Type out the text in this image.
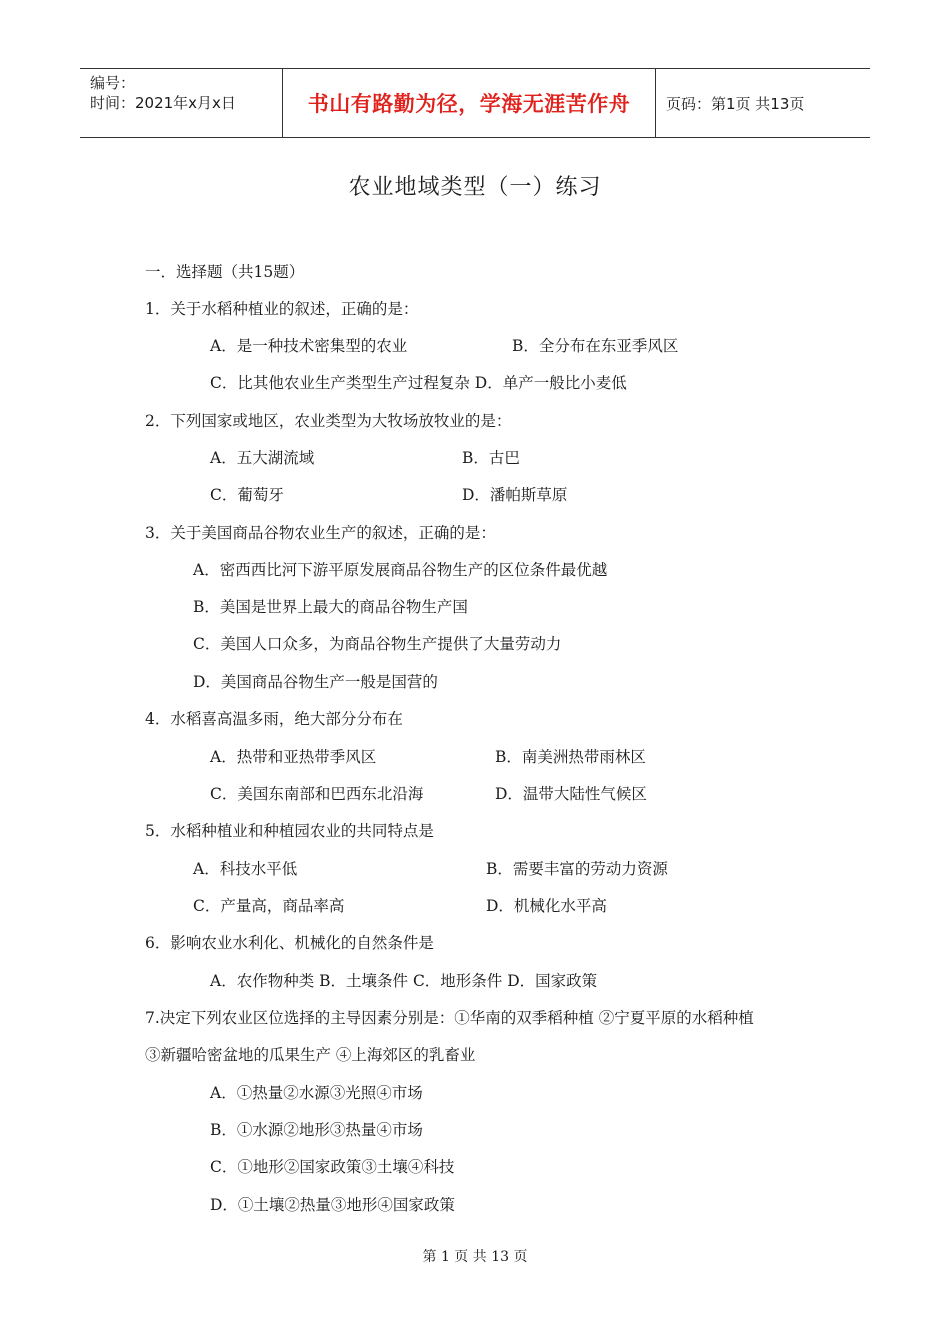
编号：
时间：2021年x月x日	书山有路勤为径，学海无涯苦作舟	页码：第1页 共13页
农业地域类型（一）练习
一．选择题（共15题）
1．关于水稻种植业的叙述，正确的是：
A．是一种技术密集型的农业	B．全分布在东亚季风区
C．比其他农业生产类型生产过程复杂 D．单产一般比小麦低
2．下列国家或地区，农业类型为大牧场放牧业的是：
A．五大湖流域	B．古巴
C．葡萄牙	D．潘帕斯草原
3．关于美国商品谷物农业生产的叙述，正确的是：
A．密西西比河下游平原发展商品谷物生产的区位条件最优越
B．美国是世界上最大的商品谷物生产国
C．美国人口众多，为商品谷物生产提供了大量劳动力
D．美国商品谷物生产一般是国营的
4．水稻喜高温多雨，绝大部分分布在
A．热带和亚热带季风区	B．南美洲热带雨林区
C．美国东南部和巴西东北沿海	D．温带大陆性气候区
5．水稻种植业和种植园农业的共同特点是
A．科技水平低	B．需要丰富的劳动力资源
C．产量高，商品率高	D．机械化水平高
6．影响农业水利化、机械化的自然条件是
A．农作物种类 B．土壤条件 C．地形条件 D．国家政策
7.决定下列农业区位选择的主导因素分别是：①华南的双季稻种植 ②宁夏平原的水稻种植
③新疆哈密盆地的瓜果生产 ④上海郊区的乳畜业
A．①热量②水源③光照④市场
B．①水源②地形③热量④市场
C．①地形②国家政策③土壤④科技
D．①土壤②热量③地形④国家政策
第 1 页 共 13 页
